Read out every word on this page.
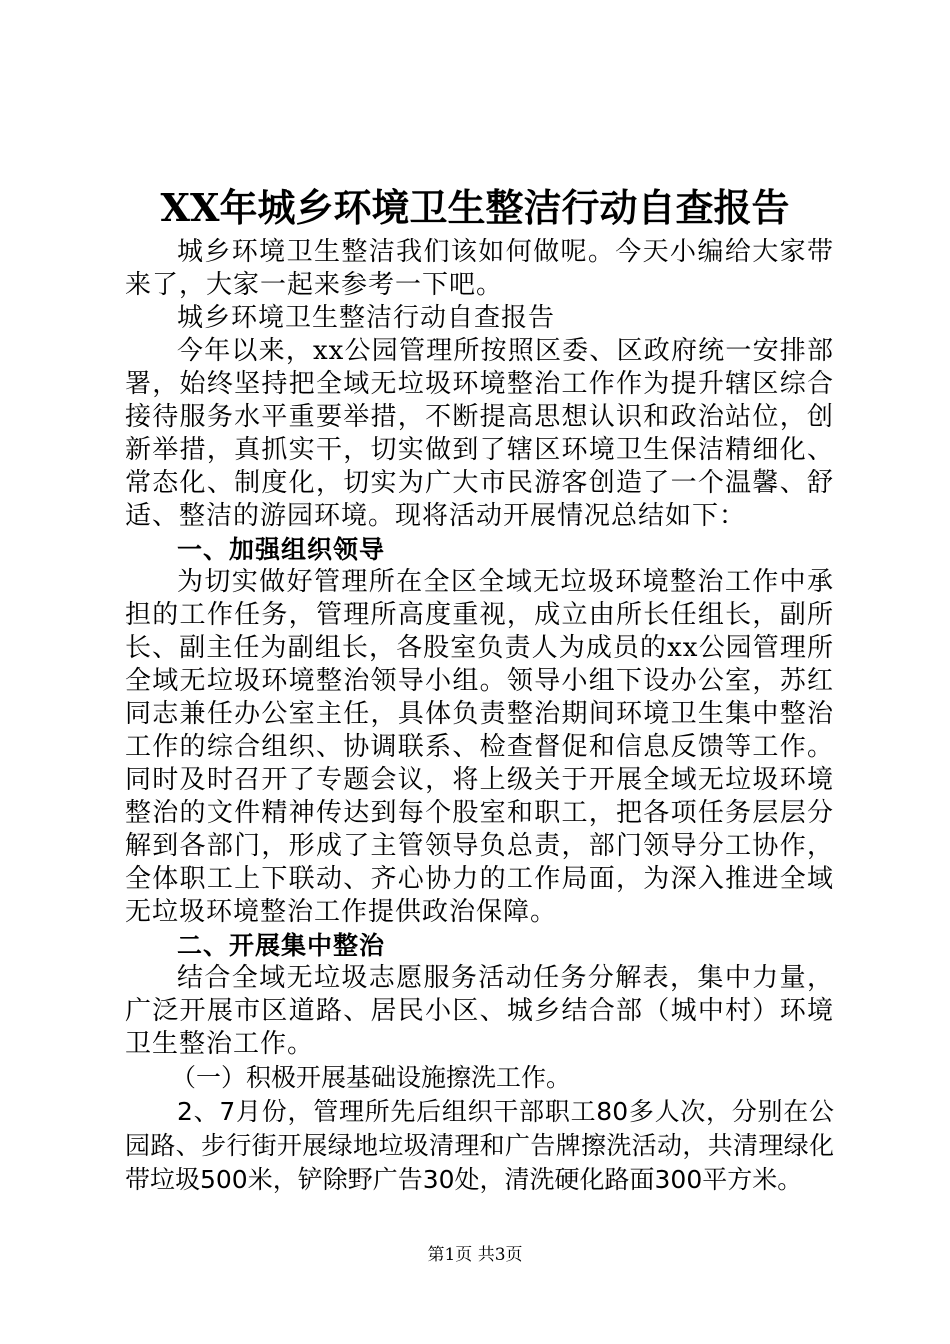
XX年城乡环境卫生整洁行动自查报告

城乡环境卫生整洁我们该如何做呢。今天小编给大家带来了，大家一起来参考一下吧。

城乡环境卫生整洁行动自查报告

今年以来，xx公园管理所按照区委、区政府统一安排部署，始终坚持把全域无垃圾环境整治工作作为提升辖区综合接待服务水平重要举措，不断提高思想认识和政治站位，创新举措，真抓实干，切实做到了辖区环境卫生保洁精细化、常态化、制度化，切实为广大市民游客创造了一个温馨、舒适、整洁的游园环境。现将活动开展情况总结如下：

一、加强组织领导

为切实做好管理所在全区全域无垃圾环境整治工作中承担的工作任务，管理所高度重视，成立由所长任组长，副所长、副主任为副组长，各股室负责人为成员的xx公园管理所全域无垃圾环境整治领导小组。领导小组下设办公室，苏红同志兼任办公室主任，具体负责整治期间环境卫生集中整治工作的综合组织、协调联系、检查督促和信息反馈等工作。同时及时召开了专题会议，将上级关于开展全域无垃圾环境整治的文件精神传达到每个股室和职工，把各项任务层层分解到各部门，形成了主管领导负总责，部门领导分工协作，全体职工上下联动、齐心协力的工作局面，为深入推进全域无垃圾环境整治工作提供政治保障。

二、开展集中整治

结合全域无垃圾志愿服务活动任务分解表，集中力量，广泛开展市区道路、居民小区、城乡结合部（城中村）环境卫生整治工作。

（一）积极开展基础设施擦洗工作。

2、7月份，管理所先后组织干部职工80多人次，分别在公园路、步行街开展绿地垃圾清理和广告牌擦洗活动，共清理绿化带垃圾500米，铲除野广告30处，清洗硬化路面300平方米。

第1页 共3页
